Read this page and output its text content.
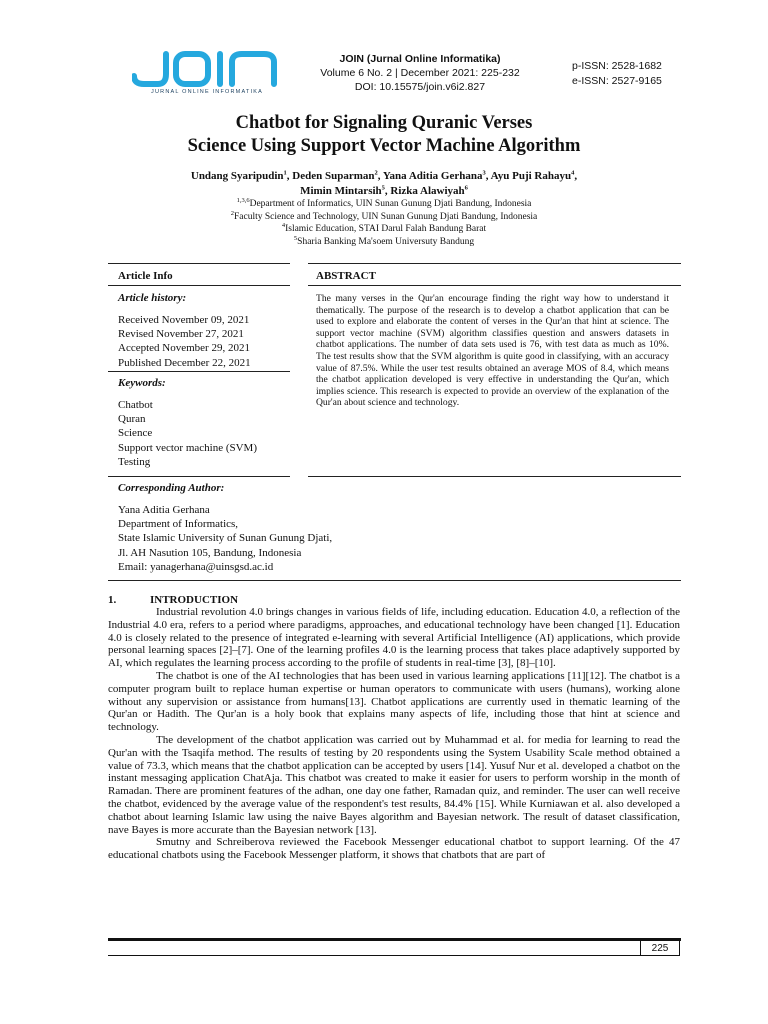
JURNAL ONLINE INFORMATIKA
JOIN (Jurnal Online Informatika)
Volume 6 No. 2 | December 2021: 225-232
DOI: 10.15575/join.v6i2.827
p-ISSN: 2528-1682
e-ISSN: 2527-9165
Chatbot for Signaling Quranic Verses
Science Using Support Vector Machine Algorithm
Undang Syaripudin$^1$, Deden Suparman$^2$, Yana Aditia Gerhana$^3$, Ayu Puji Rahayu$^4$,
Mimin Mintarsih$^5$, Rizka Alawiyah$^6$
$^{1,3,6}$Department of Informatics, UIN Sunan Gunung Djati Bandung, Indonesia
$^2$Faculty Science and Technology, UIN Sunan Gunung Djati Bandung, Indonesia
$^4$Islamic Education, STAI Darul Falah Bandung Barat
$^5$Sharia Banking Ma'soem Universuty Bandung
Article Info
Article history:
Received November 09, 2021
Revised November 27, 2021
Accepted November 29, 2021
Published December 22, 2021
Keywords:
Chatbot
Quran
Science
Support vector machine (SVM)
Testing
ABSTRACT
The many verses in the Qur'an encourage finding the right way how to understand it thematically. The purpose of the research is to develop a chatbot application that can be used to explore and elaborate the content of verses in the Qur'an that hint at science. The support vector machine (SVM) algorithm classifies question and answers datasets in chatbot applications. The number of data sets used is 76, with test data as much as 10%. The test results show that the SVM algorithm is quite good in classifying, with an accuracy value of 87.5%. While the user test results obtained an average MOS of 8.4, which means the chatbot application developed is very effective in understanding the Qur'an, which implies science. This research is expected to provide an overview of the explanation of the Qur'an about science and technology.
Corresponding Author:
Yana Aditia Gerhana
Department of Informatics,
State Islamic University of Sunan Gunung Djati,
Jl. AH Nasution 105, Bandung, Indonesia
Email: yanagerhana@uinsgsd.ac.id
1.	INTRODUCTION

Industrial revolution 4.0 brings changes in various fields of life, including education. Education 4.0, a reflection of the Industrial 4.0 era, refers to a period where paradigms, approaches, and educational technology have been changed [1]. Education 4.0 is closely related to the presence of integrated e-learning with several Artificial Intelligence (AI) applications, which provide personal learning spaces [2]–[7]. One of the learning profiles 4.0 is the learning process that takes place adaptively supported by AI, which regulates the learning process according to the profile of students in real-time [3], [8]–[10].

The chatbot is one of the AI technologies that has been used in various learning applications [11][12]. The chatbot is a computer program built to replace human expertise or human operators to communicate with users (humans), working alone without any supervision or assistance from humans[13]. Chatbot applications are currently used in thematic learning of the Qur'an or Hadith. The Qur'an is a holy book that explains many aspects of life, including those that hint at science and technology.

The development of the chatbot application was carried out by Muhammad et al. for media for learning to read the Qur'an with the Tsaqifa method. The results of testing by 20 respondents using the System Usability Scale method obtained a value of 73.3, which means that the chatbot application can be accepted by users [14]. Yusuf Nur et al. developed a chatbot on the instant messaging application ChatAja. This chatbot was created to make it easier for users to perform worship in the month of Ramadan. There are prominent features of the adhan, one day one father, Ramadan quiz, and reminder. The user can well receive the chatbot, evidenced by the average value of the respondent's test results, 84.4% [15]. While Kurniawan et al. also developed a chatbot about learning Islamic law using the naive Bayes algorithm and Bayesian network. The result of dataset classification, nave Bayes is more accurate than the Bayesian network [13].

Smutny and Schreiberova reviewed the Facebook Messenger educational chatbot to support learning. Of the 47 educational chatbots using the Facebook Messenger platform, it shows that chatbots that are part of

225
